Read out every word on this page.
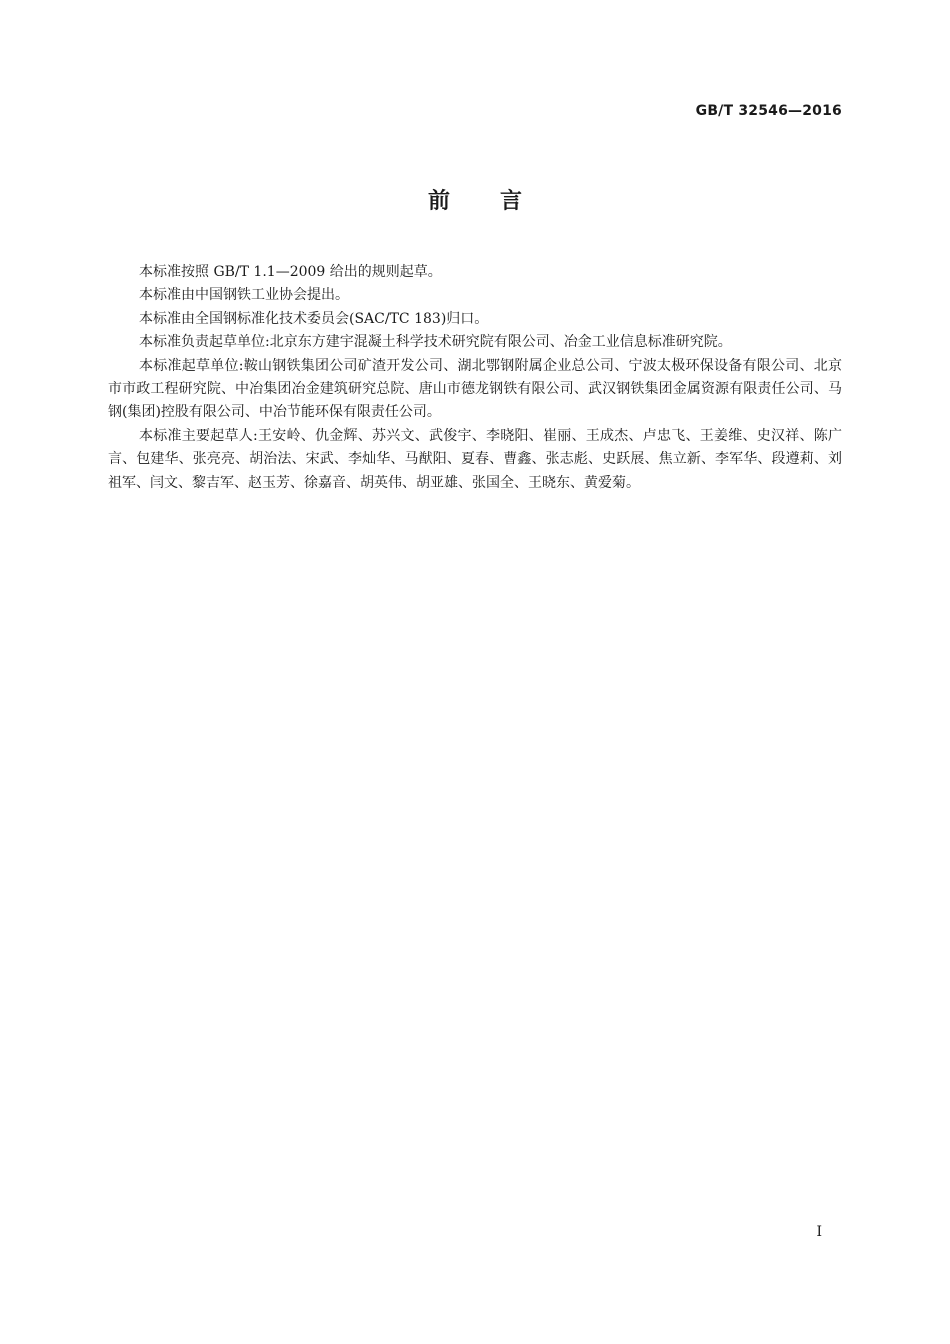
GB/T 32546—2016
前言

本标准按照 GB/T 1.1—2009 给出的规则起草。

本标准由中国钢铁工业协会提出。

本标准由全国钢标准化技术委员会(SAC/TC 183)归口。

本标准负责起草单位:北京东方建宇混凝土科学技术研究院有限公司、冶金工业信息标准研究院。

本标准起草单位:鞍山钢铁集团公司矿渣开发公司、湖北鄂钢附属企业总公司、宁波太极环保设备有限公司、北京市市政工程研究院、中冶集团冶金建筑研究总院、唐山市德龙钢铁有限公司、武汉钢铁集团金属资源有限责任公司、马钢(集团)控股有限公司、中冶节能环保有限责任公司。

本标准主要起草人:王安岭、仇金辉、苏兴文、武俊宇、李晓阳、崔丽、王成杰、卢忠飞、王姜维、史汉祥、陈广言、包建华、张亮亮、胡治法、宋武、李灿华、马猷阳、夏春、曹鑫、张志彪、史跃展、焦立新、李军华、段遵莉、刘祖军、闫文、黎吉军、赵玉芳、徐嘉音、胡英伟、胡亚雄、张国全、王晓东、黄爱菊。

I
